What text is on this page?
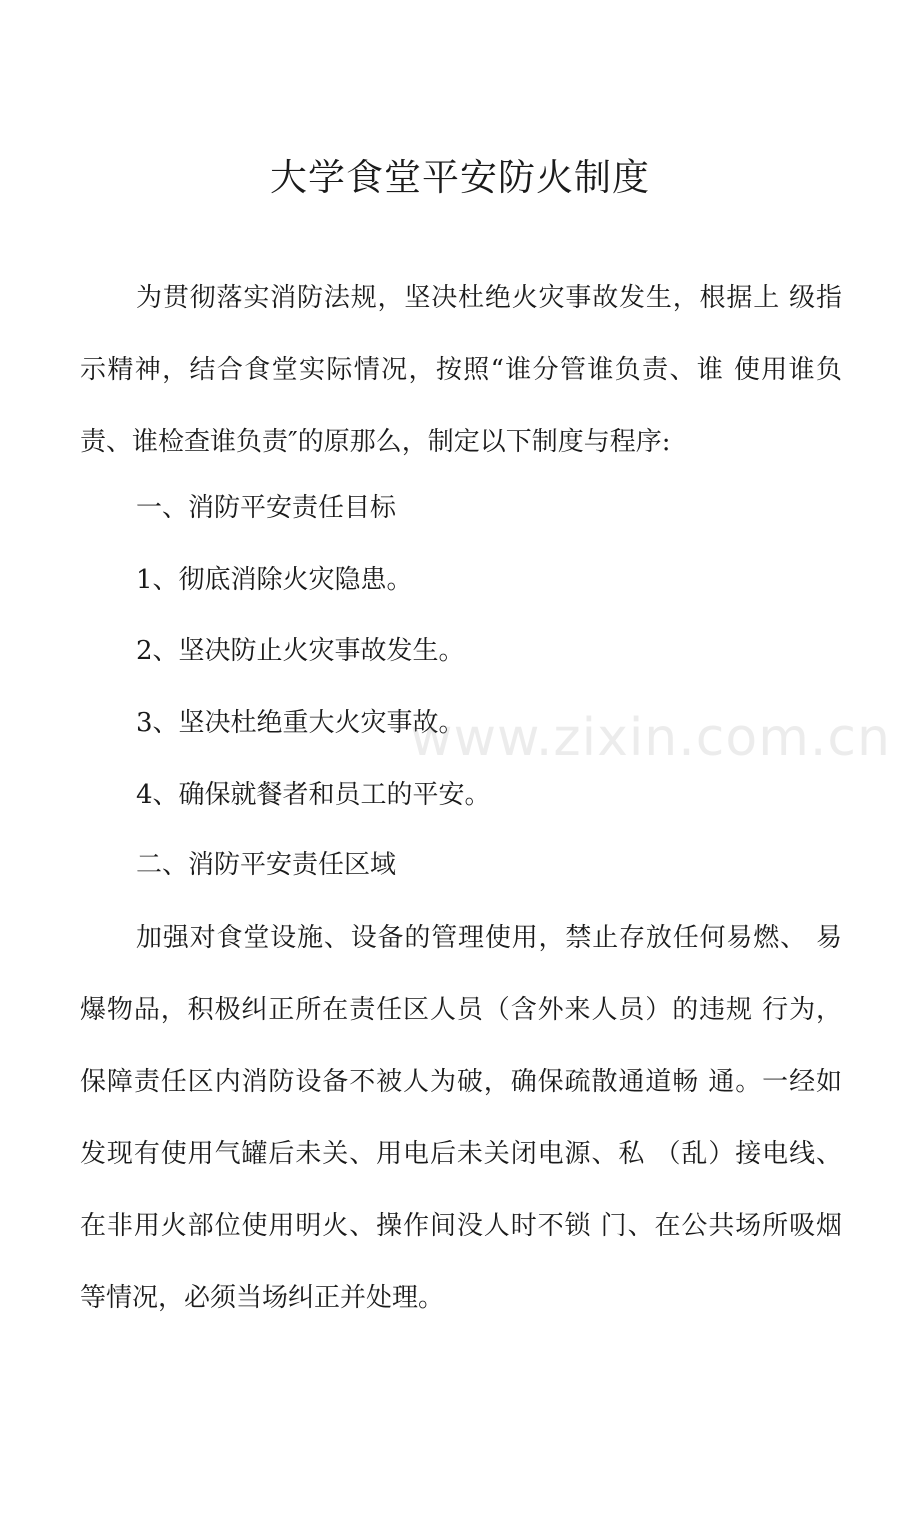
大学食堂平安防火制度

为贯彻落实消防法规，坚决杜绝火灾事故发生，根据上 级指示精神，结合食堂实际情况，按照“谁分管谁负责、谁 使用谁负责、谁检查谁负责″的原那么，制定以下制度与程序:

一、消防平安责任目标

1、彻底消除火灾隐患。

2、坚决防止火灾事故发生。

3、坚决杜绝重大火灾事故。

4、确保就餐者和员工的平安。

二、消防平安责任区域

加强对食堂设施、设备的管理使用，禁止存放任何易燃、 易爆物品，积极纠正所在责任区人员（含外来人员）的违规 行为，保障责任区内消防设备不被人为破，确保疏散通道畅 通。一经如发现有使用气罐后未关、用电后未关闭电源、私 （乱）接电线、在非用火部位使用明火、操作间没人时不锁 门、在公共场所吸烟等情况，必须当场纠正并处理。

www.zixin.com.cn
